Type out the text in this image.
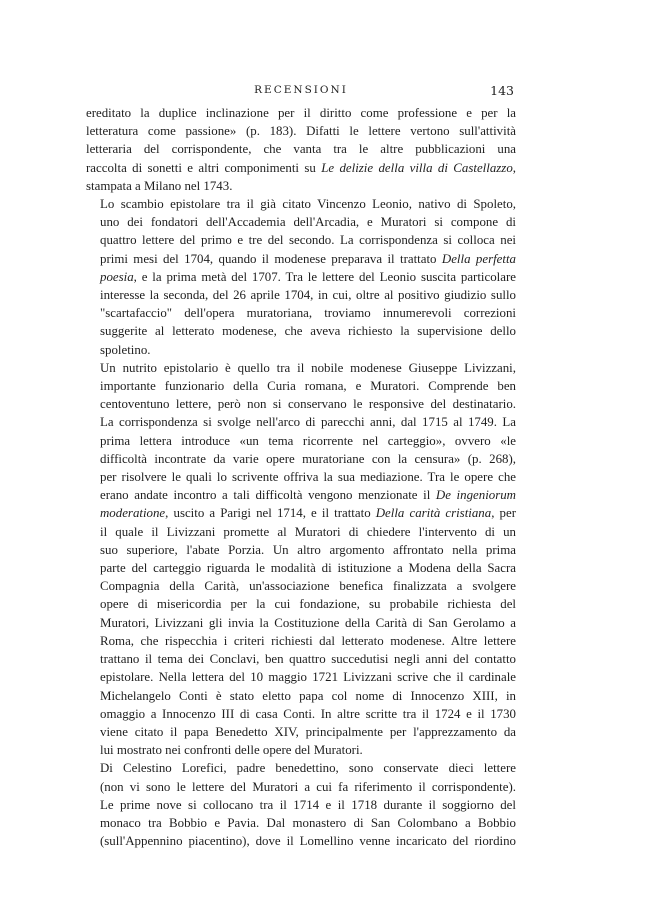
RECENSIONI	143
ereditato la duplice inclinazione per il diritto come professione e per la
letteratura come passione» (p. 183). Difatti le lettere vertono sull'attività
letteraria del corrispondente, che vanta tra le altre pubblicazioni una
raccolta di sonetti e altri componimenti su Le delizie della villa di Castellazzo,
stampata a Milano nel 1743.
Lo scambio epistolare tra il già citato Vincenzo Leonio, nativo di Spoleto,
uno dei fondatori dell'Accademia dell'Arcadia, e Muratori si compone di
quattro lettere del primo e tre del secondo. La corrispondenza si colloca nei
primi mesi del 1704, quando il modenese preparava il trattato Della perfetta
poesia, e la prima metà del 1707. Tra le lettere del Leonio suscita particolare
interesse la seconda, del 26 aprile 1704, in cui, oltre al positivo giudizio sullo
"scartafaccio" dell'opera muratoriana, troviamo innumerevoli correzioni
suggerite al letterato modenese, che aveva richiesto la supervisione dello
spoletino.
Un nutrito epistolario è quello tra il nobile modenese Giuseppe Livizzani,
importante funzionario della Curia romana, e Muratori. Comprende ben
centoventuno lettere, però non si conservano le responsive del destinatario.
La corrispondenza si svolge nell'arco di parecchi anni, dal 1715 al 1749. La
prima lettera introduce «un tema ricorrente nel carteggio», ovvero «le
difficoltà incontrate da varie opere muratoriane con la censura» (p. 268),
per risolvere le quali lo scrivente offriva la sua mediazione. Tra le opere che
erano andate incontro a tali difficoltà vengono menzionate il De ingeniorum
moderatione, uscito a Parigi nel 1714, e il trattato Della carità cristiana, per
il quale il Livizzani promette al Muratori di chiedere l'intervento di un
suo superiore, l'abate Porzia. Un altro argomento affrontato nella prima
parte del carteggio riguarda le modalità di istituzione a Modena della Sacra
Compagnia della Carità, un'associazione benefica finalizzata a svolgere
opere di misericordia per la cui fondazione, su probabile richiesta del
Muratori, Livizzani gli invia la Costituzione della Carità di San Gerolamo a
Roma, che rispecchia i criteri richiesti dal letterato modenese. Altre lettere
trattano il tema dei Conclavi, ben quattro succedutisi negli anni del contatto
epistolare. Nella lettera del 10 maggio 1721 Livizzani scrive che il cardinale
Michelangelo Conti è stato eletto papa col nome di Innocenzo XIII, in
omaggio a Innocenzo III di casa Conti. In altre scritte tra il 1724 e il 1730
viene citato il papa Benedetto XIV, principalmente per l'apprezzamento da
lui mostrato nei confronti delle opere del Muratori.
Di Celestino Lorefici, padre benedettino, sono conservate dieci lettere
(non vi sono le lettere del Muratori a cui fa riferimento il corrispondente).
Le prime nove si collocano tra il 1714 e il 1718 durante il soggiorno del
monaco tra Bobbio e Pavia. Dal monastero di San Colombano a Bobbio
(sull'Appennino piacentino), dove il Lomellino venne incaricato del riordino
